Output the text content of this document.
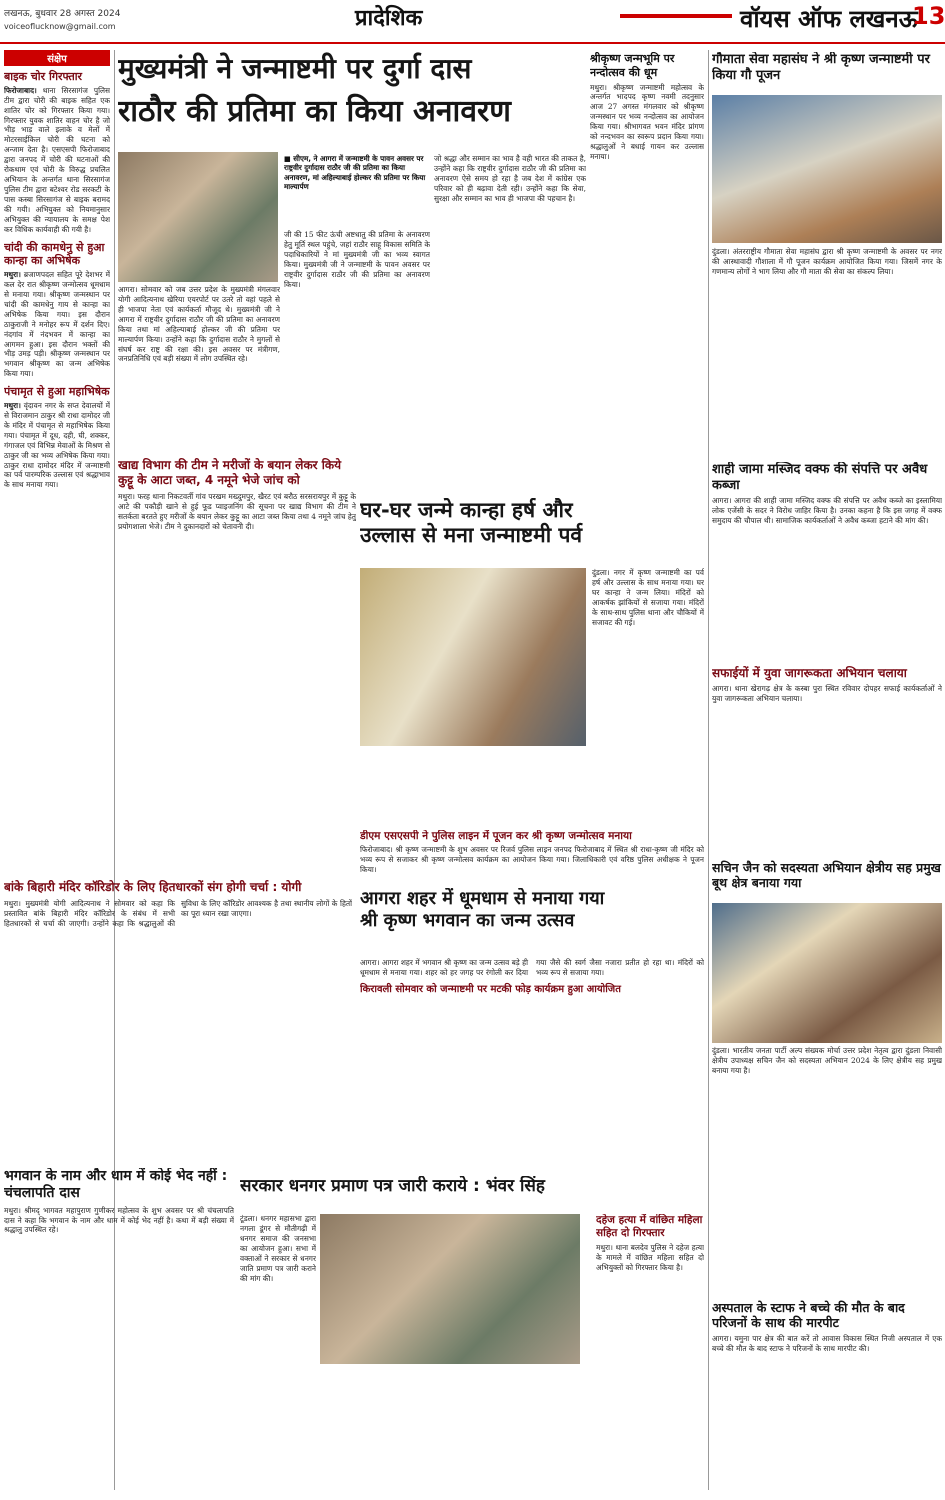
लखनऊ, बुधवार 28 अगस्त 2024
voiceoflucknow@gmail.com	प्रादेशिक	वॉयस ऑफ लखनऊ
13
संक्षेप
बाइक चोर गिरफ्तार
फिरोजाबाद। थाना सिरसागंज पुलिस टीम द्वारा चोरी की बाइक सहित एक शातिर चोर को गिरफ्तार किया गया। गिरफ्तार युवक शातिर वाहन चोर है जो भीड़ भाड़ वाले इलाके व मेलों में मोटरसाईकिल चोरी की घटना को अन्जाम देता है। एसएसपी फिरोजाबाद द्वारा जनपद में चोरी की घटनाओं की रोकथाम एवं चोरी के विरुद्ध प्रचलित अभियान के अन्तर्गत थाना सिरसागंज पुलिस टीम द्वारा बटेश्वर रोड सरकटी के पास कस्बा सिरसागंज से बाइक बरामद की गयी। अभियुक्त को नियमानुसार अभियुक्त की न्यायालय के समक्ष पेश कर विधिक कार्यवाही की गयी है।
चांदी की कामधेनु से हुआ कान्हा का अभिषेक
मथुरा। ब्रजाणपदल सहित पूरे देशभर में कल देर रात श्रीकृष्ण जन्मोत्सव धूमधाम से मनाया गया। श्रीकृष्ण जन्मस्थान पर चांदी की कामधेनु गाय से कान्हा का अभिषेक किया गया। इस दौरान ठाकुराजी ने मनोहर रूप में दर्शन दिए। नंदगांव में नंदभवन में कान्हा का आगमन हुआ। इस दौरान भक्तों की भीड़ उमड़ पड़ी। श्रीकृष्ण जन्मस्थान पर भगवान श्रीकृष्ण का जन्म अभिषेक किया गया।
पंचामृत से हुआ महाभिषेक
मथुरा। वृंदावन नगर के सप्त देवालयों में से विराजमान ठाकुर श्री राधा दामोदर जी के मंदिर में पंचामृत से महाभिषेक किया गया। पंचामृत में दूध, दही, घी, शक्कर, गंगाजल एवं विभिन्न मेवाओं के मिश्रण से ठाकुर जी का भव्य अभिषेक किया गया। ठाकुर राधा दामोदर मंदिर में जन्माष्टमी का पर्व पारम्परिक उल्लास एवं श्रद्धाभाव के साथ मनाया गया।
मुख्यमंत्री ने जन्माष्टमी पर दुर्गा दास
राठौर की प्रतिमा का किया अनावरण
■ सीएम, ने आगरा में जन्माष्टमी के पावन अवसर पर राष्ट्रवीर दुर्गादास राठौर जी की प्रतिमा का किया अनावरण, मां अहिल्याबाई होल्कर की प्रतिमा पर किया माल्यार्पण
जी की 15 फीट ऊंची अष्टधातु की प्रतिमा के अनावरण हेतु मूर्ति स्थल पहुंचे, जहां राठौर साहू विकास समिति के पदाधिकारियों ने मां मुख्यमंत्री जी का भव्य स्वागत किया। मुख्यमंत्री जी ने जन्माष्टमी के पावन अवसर पर राष्ट्रवीर दुर्गादास राठौर जी की प्रतिमा का अनावरण किया।
जो श्रद्धा और सम्मान का भाव है वही भारत की ताकत है, उन्होंने कहा कि राष्ट्रवीर दुर्गादास राठौर जी की प्रतिमा का अनावरण ऐसे समय हो रहा है जब देश में कांग्रेस एक परिवार को ही बढ़ावा देती रही। उन्होंने कहा कि सेवा, सुरक्षा और सम्मान का भाव ही भाजपा की पहचान है।
आगरा। सोमवार को जब उत्तर प्रदेश के मुख्यमंत्री मंगलवार योगी आदित्यनाथ खेरिया एयरपोर्ट पर उतरे तो वहां पहले से ही भाजपा नेता एवं कार्यकर्ता मौजूद थे। मुख्यमंत्री जी ने आगरा में राष्ट्रवीर दुर्गादास राठौर जी की प्रतिमा का अनावरण किया तथा मां अहिल्याबाई होल्कर जी की प्रतिमा पर माल्यार्पण किया। उन्होंने कहा कि दुर्गादास राठौर ने मुगलों से संघर्ष कर राष्ट्र की रक्षा की। इस अवसर पर मंत्रीगण, जनप्रतिनिधि एवं बड़ी संख्या में लोग उपस्थित रहे।
खाद्य विभाग की टीम ने मरीजों के बयान लेकर किये कुट्टू के आटा जब्त, 4 नमूने भेजे जांच को
मथुरा। फरह थाना निकटवर्ती गांव परखम मख्दुमपुर, खैरट एवं बरौठ सरसरायपुर में कुट्टू के आटे की पकौड़ी खाने से हुई फूड प्वाइजनिंग की सूचना पर खाद्य विभाग की टीम ने सतर्कता बरतते हुए मरीजों के बयान लेकर कुट्टू का आटा जब्त किया तथा 4 नमूने जांच हेतु प्रयोगशाला भेजे। टीम ने दुकानदारों को चेतावनी दी।
श्रीकृष्ण जन्मभूमि पर नन्दोत्सव की धूम
मथुरा। श्रीकृष्ण जन्माष्टमी महोत्सव के अन्तर्गत भादपद कृष्ण नवमी तदनुसार आज 27 अगस्त मंगलवार को श्रीकृष्ण जन्मस्थान पर भव्य नन्दोत्सव का आयोजन किया गया। श्रीभागवत भवन मंदिर प्रांगण को नन्दभवन का स्वरूप प्रदान किया गया। श्रद्धालुओं ने बधाई गायन कर उल्लास मनाया।
गौमाता सेवा महासंघ ने श्री कृष्ण जन्माष्टमी पर किया गौ पूजन
दुंडला। अंतरराष्ट्रीय गौमाता सेवा महासंघ द्वारा श्री कृष्ण जन्माष्टमी के अवसर पर नगर की आस्थावादी गौशाला में गौ पूजन कार्यक्रम आयोजित किया गया। जिसमें नगर के गणमान्य लोगों ने भाग लिया और गौ माता की सेवा का संकल्प लिया।
शाही जामा मस्जिद वक्फ की संपत्ति पर अवैध कब्जा
आगरा। आगरा की शाही जामा मस्जिद वक्फ की संपत्ति पर अवैध कब्जे का इस्लामिया लोक एजेंसी के सदर ने विरोध जाहिर किया है। उनका कहना है कि इस जगह में वक्फ समुदाय की चौपाल थी। सामाजिक कार्यकर्ताओं ने अवैध कब्जा हटाने की मांग की।
घर-घर जन्मे कान्हा हर्ष और
उल्लास से मना जन्माष्टमी पर्व
दुंडला। नगर में कृष्ण जन्माष्टमी का पर्व हर्ष और उल्लास के साथ मनाया गया। घर घर कान्हा ने जन्म लिया। मंदिरों को आकर्षक झांकियों से सजाया गया। मंदिरों के साथ-साथ पुलिस थाना और चौकियों में सजावट की गई।
डीएम एसएसपी ने पुलिस लाइन में पूजन कर श्री कृष्ण जन्मोत्सव मनाया
फिरोजाबाद। श्री कृष्ण जन्माष्टमी के शुभ अवसर पर रिजर्व पुलिस लाइन जनपद फिरोजाबाद में स्थित श्री राधा-कृष्ण जी मंदिर को भव्य रूप से सजाकर श्री कृष्ण जन्मोत्सव कार्यक्रम का आयोजन किया गया। जिलाधिकारी एवं वरिष्ठ पुलिस अधीक्षक ने पूजन किया।
सफाईयों में युवा जागरूकता अभियान चलाया
आगरा। थाना खेरागढ़ क्षेत्र के कस्बा पुरा स्थित रविवार दोपहर सफाई कार्यकर्ताओं ने युवा जागरूकता अभियान चलाया।
सचिन जैन को सदस्यता अभियान क्षेत्रीय सह प्रमुख बूथ क्षेत्र बनाया गया
दुंडला। भारतीय जनता पार्टी अल्प संख्यक मोर्चा उत्तर प्रदेश नेतृत्व द्वारा दुंडला निवासी क्षेत्रीय उपाध्यक्ष सचिन जैन को सदस्यता अभियान 2024 के लिए क्षेत्रीय सह प्रमुख बनाया गया है।
बांके बिहारी मंदिर कॉरिडोर के लिए हितधारकों संग होगी चर्चा : योगी
मथुरा। मुख्यमंत्री योगी आदित्यनाथ ने सोमवार को कहा कि प्रस्तावित बांके बिहारी मंदिर कॉरिडोर के संबंध में सभी हितधारकों से चर्चा की जाएगी। उन्होंने कहा कि श्रद्धालुओं की सुविधा के लिए कॉरिडोर आवश्यक है तथा स्थानीय लोगों के हितों का पूरा ध्यान रखा जाएगा।
आगरा शहर में धूमधाम से मनाया गया
श्री कृष्ण भगवान का जन्म उत्सव
आगरा। आगरा शहर में भगवान श्री कृष्ण का जन्म उत्सव बड़े ही धूमधाम से मनाया गया। शहर को हर जगह पर रंगोली कर दिया गया जैसे की स्वर्ग जैसा नजारा प्रतीत हो रहा था। मंदिरों को भव्य रूप से सजाया गया।
किरावली सोमवार को जन्माष्टमी पर मटकी फोड़ कार्यक्रम हुआ आयोजित
भगवान के नाम और धाम में कोई भेद नहीं : चंचलापति दास
मथुरा। श्रीमद् भागवत महापुराण गुणीकर महोत्सव के शुभ अवसर पर श्री चंचलापति दास ने कहा कि भगवान के नाम और धाम में कोई भेद नहीं है। कथा में बड़ी संख्या में श्रद्धालु उपस्थित रहे।
सरकार धनगर प्रमाण पत्र जारी कराये : भंवर सिंह
टूंडला। धनगर महासभा द्वारा नगला डूंगर से मौतीगढ़ी में धनगर समाज की जनसभा का आयोजन हुआ। सभा में वक्ताओं ने सरकार से धनगर जाति प्रमाण पत्र जारी कराने की मांग की।
दहेज हत्या में वांछित महिला सहित दो गिरफ्तार
मथुरा। थाना बलदेव पुलिस ने दहेज हत्या के मामले में वांछित महिला सहित दो अभियुक्तों को गिरफ्तार किया है।
अस्पताल के स्टाफ ने बच्चे की मौत के बाद परिजनों के साथ की मारपीट
आगरा। यमुना पार क्षेत्र की बात करें तो आवास विकास स्थित निजी अस्पताल में एक बच्चे की मौत के बाद स्टाफ ने परिजनों के साथ मारपीट की।
